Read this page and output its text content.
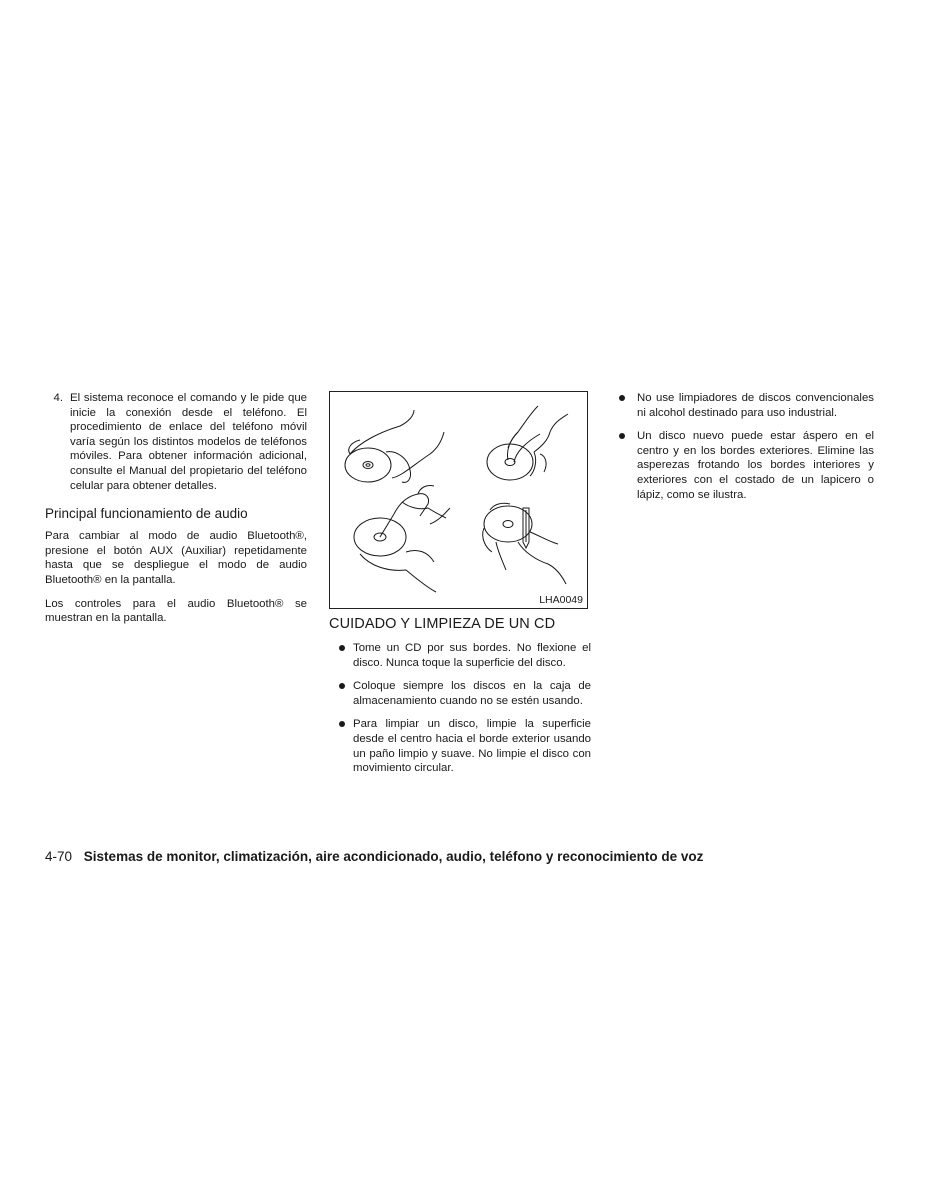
4. El sistema reconoce el comando y le pide que inicie la conexión desde el teléfono. El procedimiento de enlace del teléfono móvil varía según los distintos modelos de teléfonos móviles. Para obtener información adicional, consulte el Manual del propietario del teléfono celular para obtener detalles.
Principal funcionamiento de audio

Para cambiar al modo de audio Bluetooth®, presione el botón AUX (Auxiliar) repetidamente hasta que se despliegue el modo de audio Bluetooth® en la pantalla.

Los controles para el audio Bluetooth® se muestran en la pantalla.

LHA0049
CUIDADO Y LIMPIEZA DE UN CD
Tome un CD por sus bordes. No flexione el disco. Nunca toque la superficie del disco.
Coloque siempre los discos en la caja de almacenamiento cuando no se estén usando.
Para limpiar un disco, limpie la superficie desde el centro hacia el borde exterior usando un paño limpio y suave. No limpie el disco con movimiento circular.
No use limpiadores de discos convencionales ni alcohol destinado para uso industrial.
Un disco nuevo puede estar áspero en el centro y en los bordes exteriores. Elimine las asperezas frotando los bordes interiores y exteriores con el costado de un lapicero o lápiz, como se ilustra.
4-70 Sistemas de monitor, climatización, aire acondicionado, audio, teléfono y reconocimiento de voz
